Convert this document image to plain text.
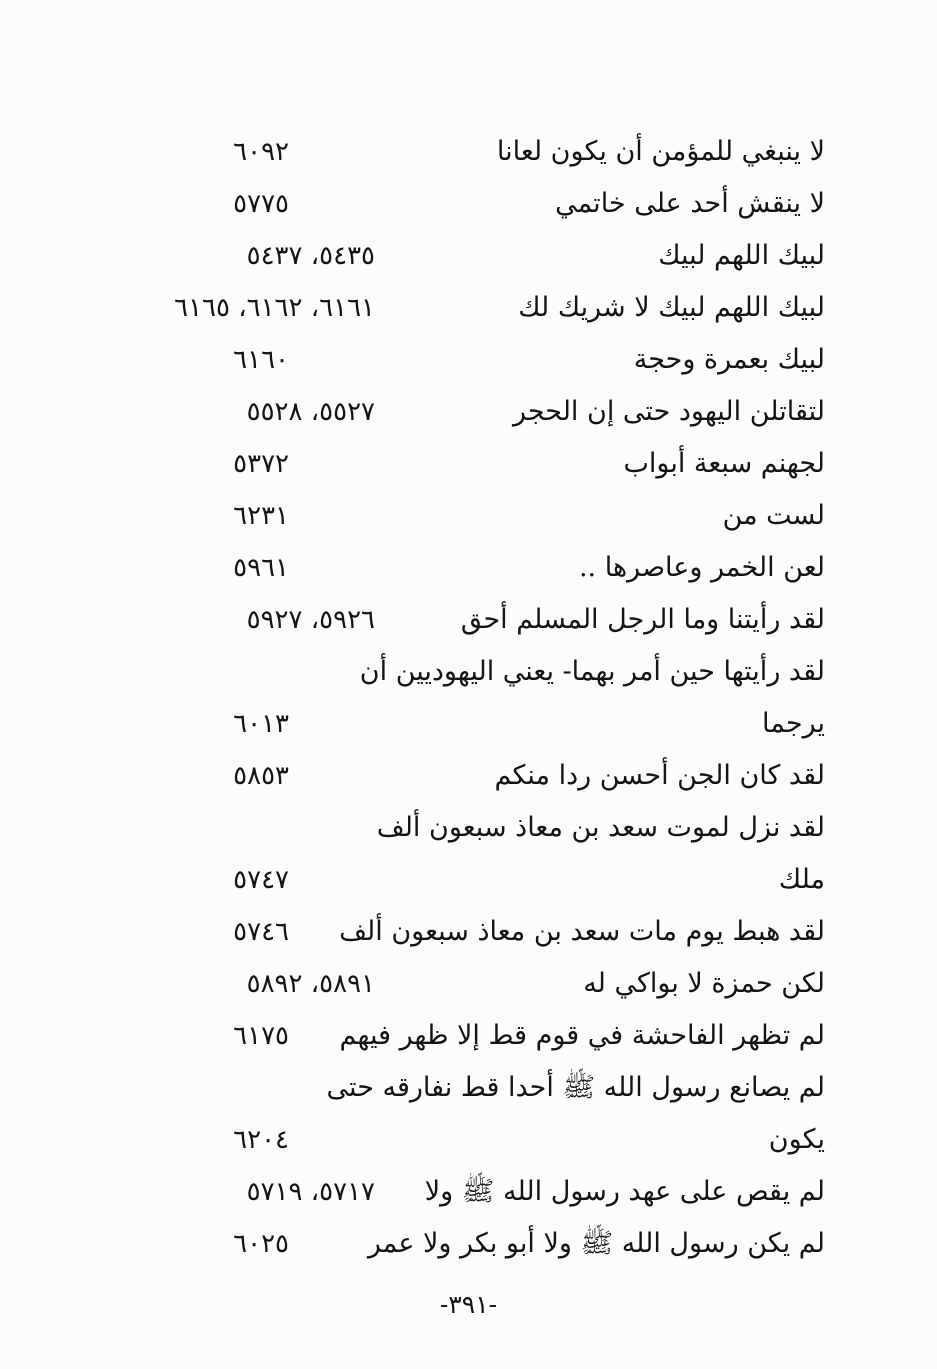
لا ينبغي للمؤمن أن يكون لعانا
٦٠٩٢
لا ينقش أحد على خاتمي
٥٧٧٥
لبيك اللهم لبيك
٥٤٣٥، ٥٤٣٧
لبيك اللهم لبيك لا شريك لك
٦١٦١، ٦١٦٢، ٦١٦٥
لبيك بعمرة وحجة
٦١٦٠
لتقاتلن اليهود حتى إن الحجر
٥٥٢٧، ٥٥٢٨
لجهنم سبعة أبواب
٥٣٧٢
لست من
٦٢٣١
لعن الخمر وعاصرها ..
٥٩٦١
لقد رأيتنا وما الرجل المسلم أحق
٥٩٢٦، ٥٩٢٧
لقد رأيتها حين أمر بهما- يعني اليهوديين أن
يرجما
٦٠١٣
لقد كان الجن أحسن ردا منكم
٥٨٥٣
لقد نزل لموت سعد بن معاذ سبعون ألف
ملك
٥٧٤٧
لقد هبط يوم مات سعد بن معاذ سبعون ألف
٥٧٤٦
لكن حمزة لا بواكي له
٥٨٩١، ٥٨٩٢
لم تظهر الفاحشة في قوم قط إلا ظهر فيهم
٦١٧٥
لم يصانع رسول الله ﷺ أحدا قط نفارقه حتى
يكون
٦٢٠٤
لم يقص على عهد رسول الله ﷺ ولا
٥٧١٧، ٥٧١٩
لم يكن رسول الله ﷺ ولا أبو بكر ولا عمر
٦٠٢٥
-٣٩١-
